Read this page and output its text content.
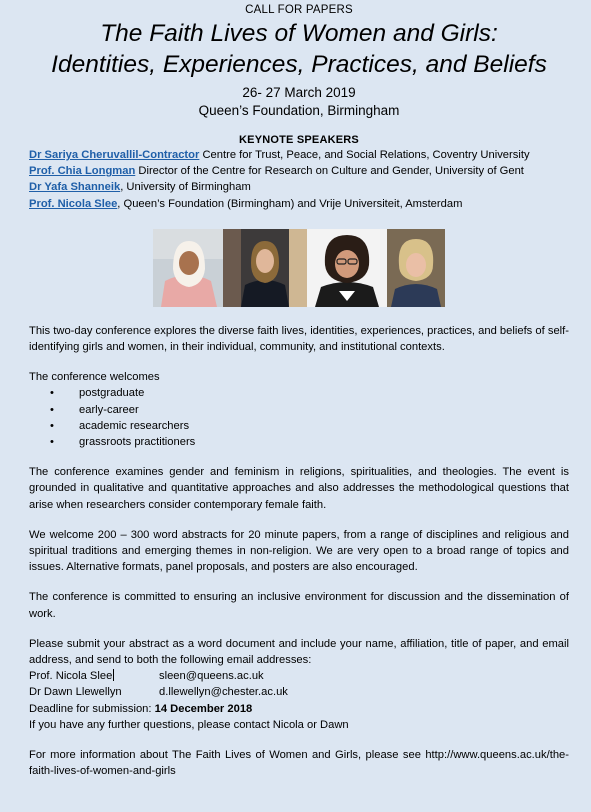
CALL FOR PAPERS
The Faith Lives of Women and Girls:
Identities, Experiences, Practices, and Beliefs
26- 27 March 2019
Queen’s Foundation, Birmingham
KEYNOTE SPEAKERS
Dr Sariya Cheruvallil-Contractor Centre for Trust, Peace, and Social Relations, Coventry University
Prof. Chia Longman Director of the Centre for Research on Culture and Gender, University of Gent
Dr Yafa Shanneik, University of Birmingham
Prof. Nicola Slee, Queen’s Foundation (Birmingham) and Vrije Universiteit, Amsterdam
This two-day conference explores the diverse faith lives, identities, experiences, practices, and beliefs of self-identifying girls and women, in their individual, community, and institutional contexts.
The conference welcomes
• postgraduate
• early-career
• academic researchers
• grassroots practitioners
The conference examines gender and feminism in religions, spiritualities, and theologies. The event is grounded in qualitative and quantitative approaches and also addresses the methodological questions that arise when researchers consider contemporary female faith.
We welcome 200 – 300 word abstracts for 20 minute papers, from a range of disciplines and religious and spiritual traditions and emerging themes in non-religion. We are very open to a broad range of topics and issues. Alternative formats, panel proposals, and posters are also encouraged.
The conference is committed to ensuring an inclusive environment for discussion and the dissemination of work.
Please submit your abstract as a word document and include your name, affiliation, title of paper, and email address, and send to both the following email addresses:
Prof. Nicola Slee	sleen@queens.ac.uk
Dr Dawn Llewellyn	d.llewellyn@chester.ac.uk
Deadline for submission: 14 December 2018
If you have any further questions, please contact Nicola or Dawn
For more information about The Faith Lives of Women and Girls, please see http://www.queens.ac.uk/the-faith-lives-of-women-and-girls
